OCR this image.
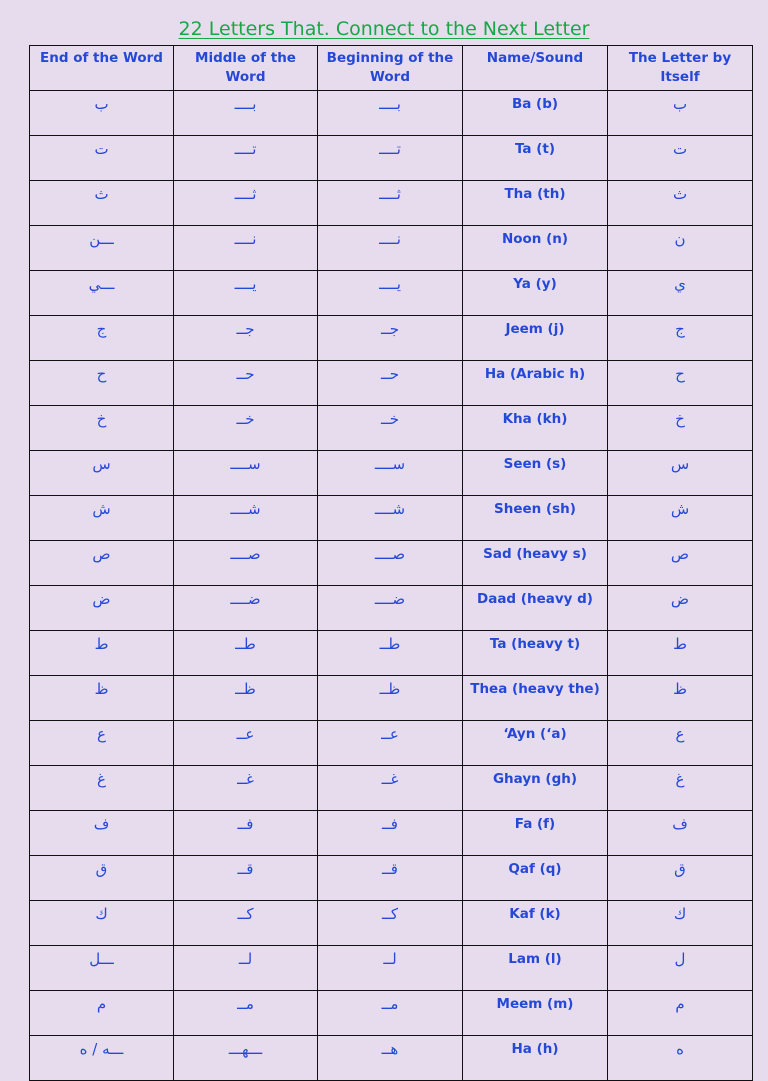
22 Letters That. Connect to the Next Letter
End of the Word	Middle of the Word	Beginning of the Word	Name/Sound	The Letter by Itself
ب	بــــ	بــــ	Ba (b)	ب
ت	تــــ	تــــ	Ta (t)	ت
ث	ثــــ	ثــــ	Tha (th)	ث
ـــن	نــــ	نــــ	Noon (n)	ن
ـــي	يــــ	يــــ	Ya (y)	ي
ج	جــ	جــ	Jeem (j)	ج
ح	حــ	حــ	Ha (Arabic h)	ح
خ	خــ	خــ	Kha (kh)	خ
س	ســــ	ســــ	Seen (s)	س
ش	شــــ	شــــ	Sheen (sh)	ش
ص	صــــ	صــــ	Sad (heavy s)	ص
ض	ضــــ	ضــــ	Daad (heavy d)	ض
ط	طــ	طــ	Ta (heavy t)	ط
ظ	ظــ	ظــ	Thea (heavy the)	ظ
ع	عــ	عــ	‘Ayn (‘a)	ع
غ	غــ	غــ	Ghayn (gh)	غ
ف	فــ	فــ	Fa (f)	ف
ق	قــ	قــ	Qaf (q)	ق
ك	كــ	كــ	Kaf (k)	ك
ـــل	لــ	لــ	Lam (l)	ل
م	مــ	مــ	Meem (m)	م
ـــه / ه	ـــهـــ	هــ	Ha (h)	ه
